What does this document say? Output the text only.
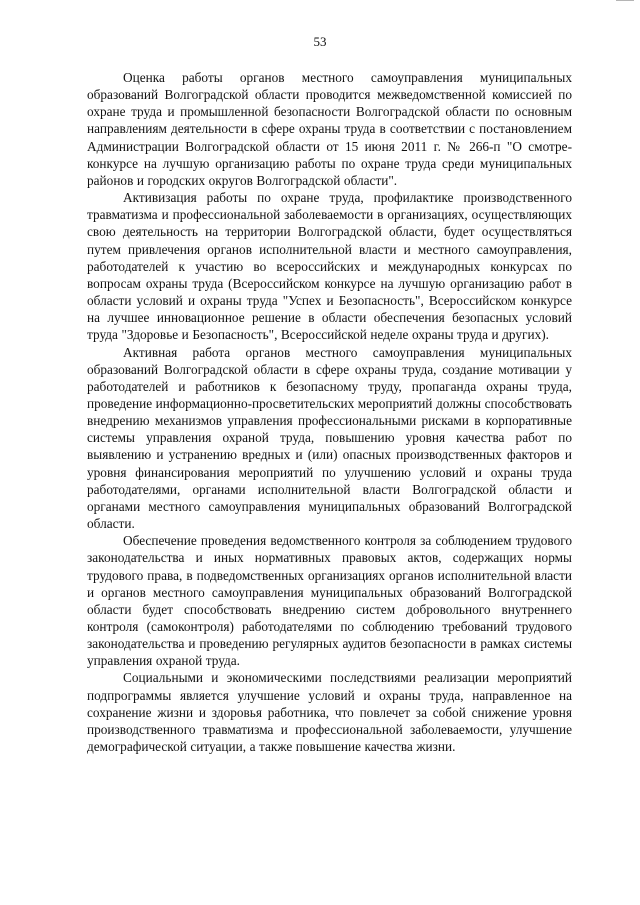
53

Оценка работы органов местного самоуправления муниципальных образований Волгоградской области проводится межведомственной комиссией по охране труда и промышленной безопасности Волгоградской области по основным направлениям деятельности в сфере охраны труда в соответствии с постановлением Администрации Волгоградской области от 15 июня 2011 г. № 266-п "О смотре-конкурсе на лучшую организацию работы по охране труда среди муниципальных районов и городских округов Волгоградской области".

Активизация работы по охране труда, профилактике производственного травматизма и профессиональной заболеваемости в организациях, осуществляющих свою деятельность на территории Волгоградской области, будет осуществляться путем привлечения органов исполнительной власти и местного самоуправления, работодателей к участию во всероссийских и международных конкурсах по вопросам охраны труда (Всероссийском конкурсе на лучшую организацию работ в области условий и охраны труда "Успех и Безопасность", Всероссийском конкурсе на лучшее инновационное решение в области обеспечения безопасных условий труда "Здоровье и Безопасность", Всероссийской неделе охраны труда и других).

Активная работа органов местного самоуправления муниципальных образований Волгоградской области в сфере охраны труда, создание мотивации у работодателей и работников к безопасному труду, пропаганда охраны труда, проведение информационно-просветительских мероприятий должны способствовать внедрению механизмов управления профессиональными рисками в корпоративные системы управления охраной труда, повышению уровня качества работ по выявлению и устранению вредных и (или) опасных производственных факторов и уровня финансирования мероприятий по улучшению условий и охраны труда работодателями, органами исполнительной власти Волгоградской области и органами местного самоуправления муниципальных образований Волгоградской области.

Обеспечение проведения ведомственного контроля за соблюдением трудового законодательства и иных нормативных правовых актов, содержащих нормы трудового права, в подведомственных организациях органов исполнительной власти и органов местного самоуправления муниципальных образований Волгоградской области будет способствовать внедрению систем добровольного внутреннего контроля (самоконтроля) работодателями по соблюдению требований трудового законодательства и проведению регулярных аудитов безопасности в рамках системы управления охраной труда.

Социальными и экономическими последствиями реализации мероприятий подпрограммы является улучшение условий и охраны труда, направленное на сохранение жизни и здоровья работника, что повлечет за собой снижение уровня производственного травматизма и профессиональной заболеваемости, улучшение демографической ситуации, а также повышение качества жизни.
